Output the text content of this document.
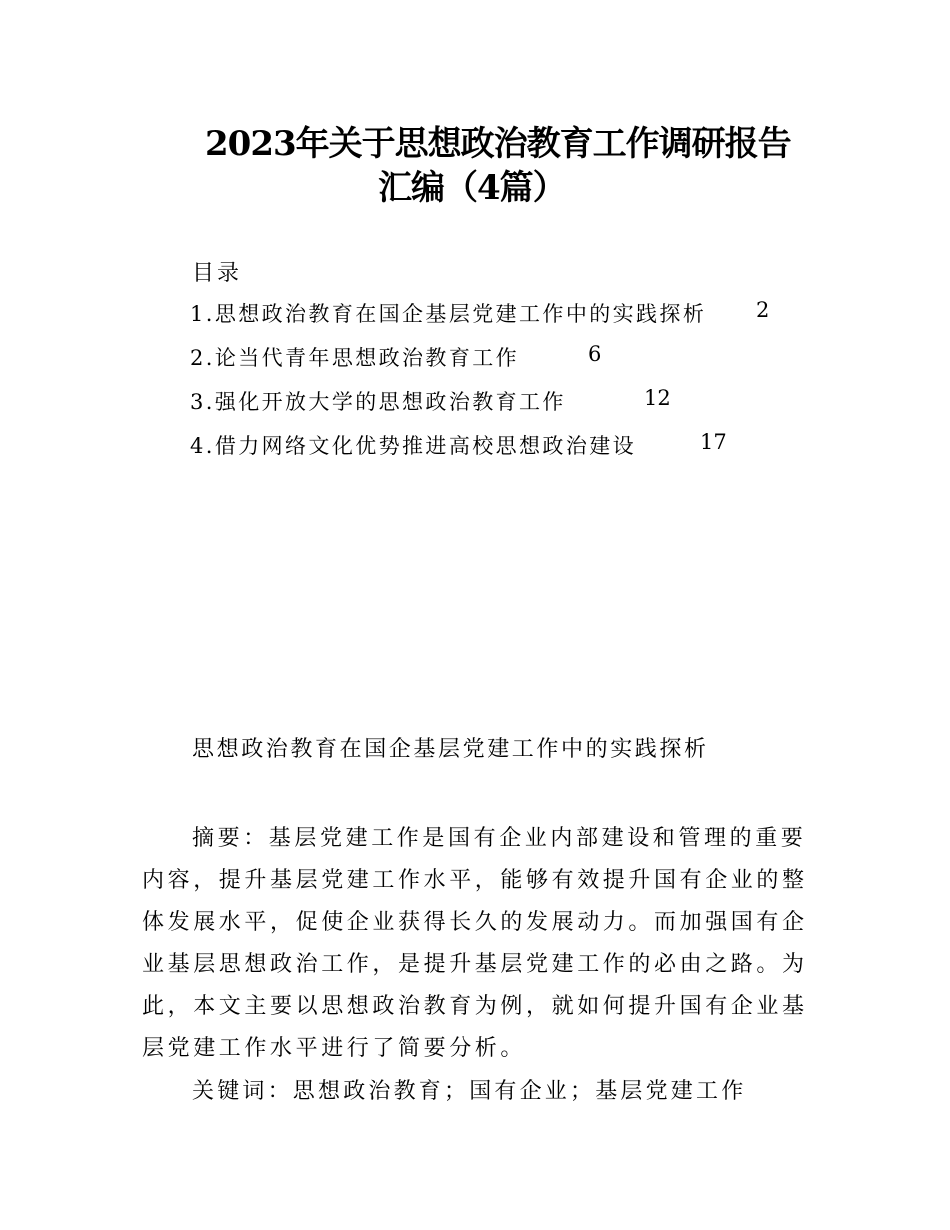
2023年关于思想政治教育工作调研报告
汇编（4篇）
目录
1.思想政治教育在国企基层党建工作中的实践探析 2
2.论当代青年思想政治教育工作	6
3.强化开放大学的思想政治教育工作	12
4.借力网络文化优势推进高校思想政治建设	17
思想政治教育在国企基层党建工作中的实践探析

摘要：基层党建工作是国有企业内部建设和管理的重要内容，提升基层党建工作水平，能够有效提升国有企业的整体发展水平，促使企业获得长久的发展动力。而加强国有企业基层思想政治工作，是提升基层党建工作的必由之路。为此，本文主要以思想政治教育为例，就如何提升国有企业基层党建工作水平进行了简要分析。

关键词：思想政治教育；国有企业；基层党建工作
